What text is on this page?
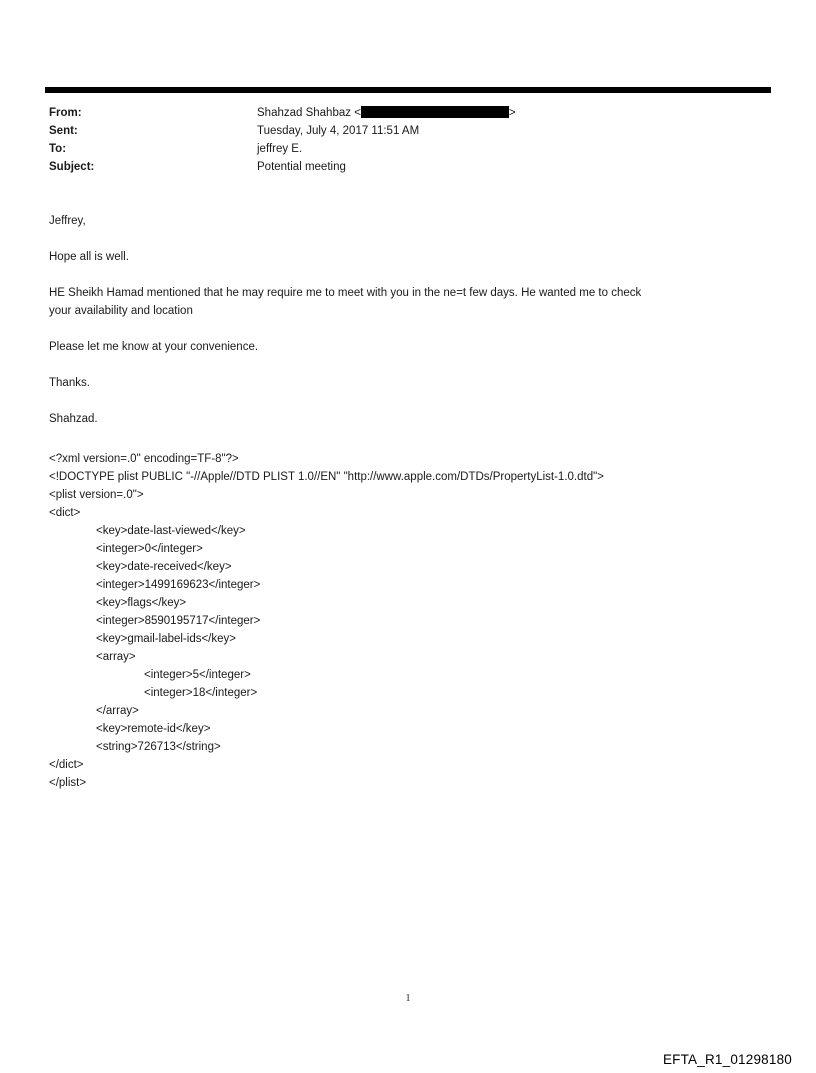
From:	Shahzad Shahbaz <	>
Sent:	Tuesday, July 4, 2017 11:51 AM
To:	jeffrey E.
Subject:	Potential meeting
Jeffrey,
Hope all is well.
HE Sheikh Hamad mentioned that he may require me to meet with you in the ne=t few days. He wanted me to check
your availability and location
Please let me know at your convenience.
Thanks.
Shahzad.
<?xml version=.0" encoding=TF-8"?>
<!DOCTYPE plist PUBLIC "-//Apple//DTD PLIST 1.0//EN" "http://www.apple.com/DTDs/PropertyList-1.0.dtd">
<plist version=.0">
<dict>
<key>date-last-viewed</key>
<integer>0</integer>
<key>date-received</key>
<integer>1499169623</integer>
<key>flags</key>
<integer>8590195717</integer>
<key>gmail-label-ids</key>
<array>
<integer>5</integer>
<integer>18</integer>
</array>
<key>remote-id</key>
<string>726713</string>
</dict>
</plist>
1
EFTA_R1_01298180
